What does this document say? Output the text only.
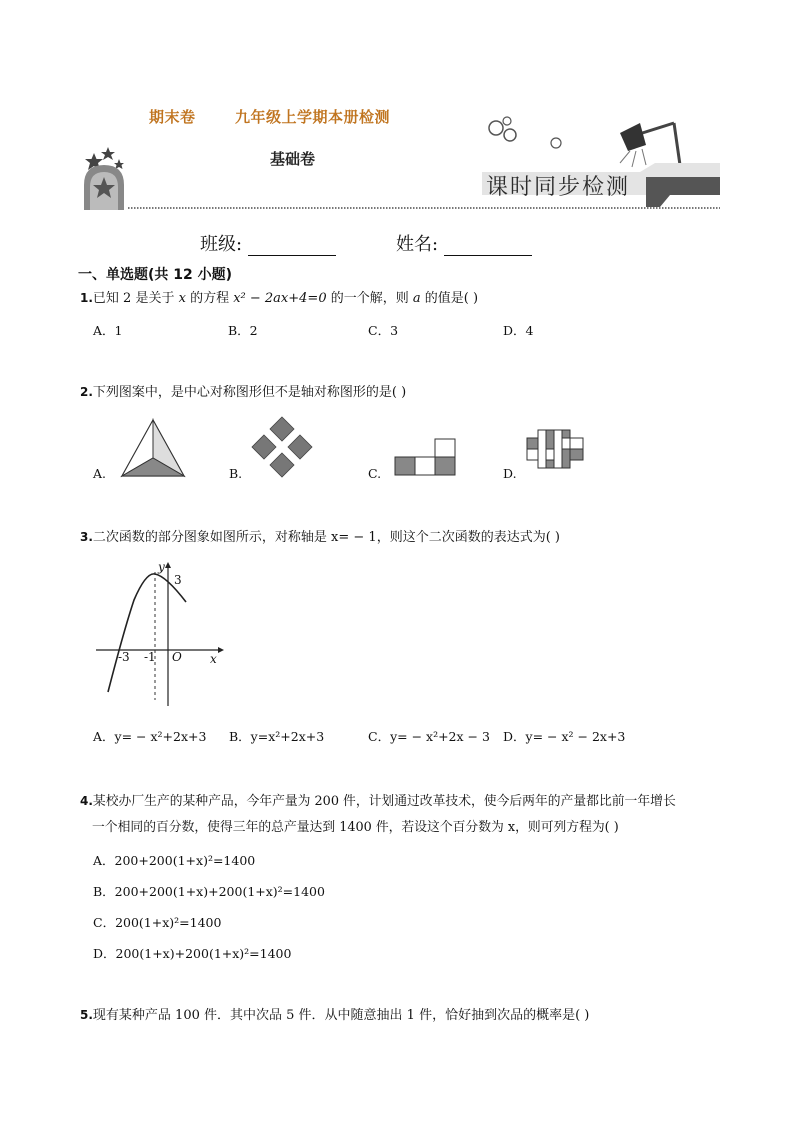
期末卷	九年级上学期本册检测
基础卷
课时同步检测
班级:	姓名:
一、单选题(共 12 小题)
1.已知 2 是关于 x 的方程 x² − 2ax+4=0 的一个解，则 a 的值是( )
A．1	B．2	C．3	D．4
2.下列图案中，是中心对称图形但不是轴对称图形的是( )
A.	B.	C.	D.
3.二次函数的部分图象如图所示，对称轴是 x= − 1，则这个二次函数的表达式为( )
y
3
x
-3 -1 O
A．y= − x²+2x+3 B．y=x²+2x+3	C．y= − x²+2x − 3 D．y= − x² − 2x+3
4.某校办厂生产的某种产品，今年产量为 200 件，计划通过改革技术，使今后两年的产量都比前一年增长
一个相同的百分数，使得三年的总产量达到 1400 件，若设这个百分数为 x，则可列方程为( )
A．200+200(1+x)²=1400
B．200+200(1+x)+200(1+x)²=1400
C．200(1+x)²=1400
D．200(1+x)+200(1+x)²=1400
5.现有某种产品 100 件．其中次品 5 件．从中随意抽出 1 件，恰好抽到次品的概率是( )
